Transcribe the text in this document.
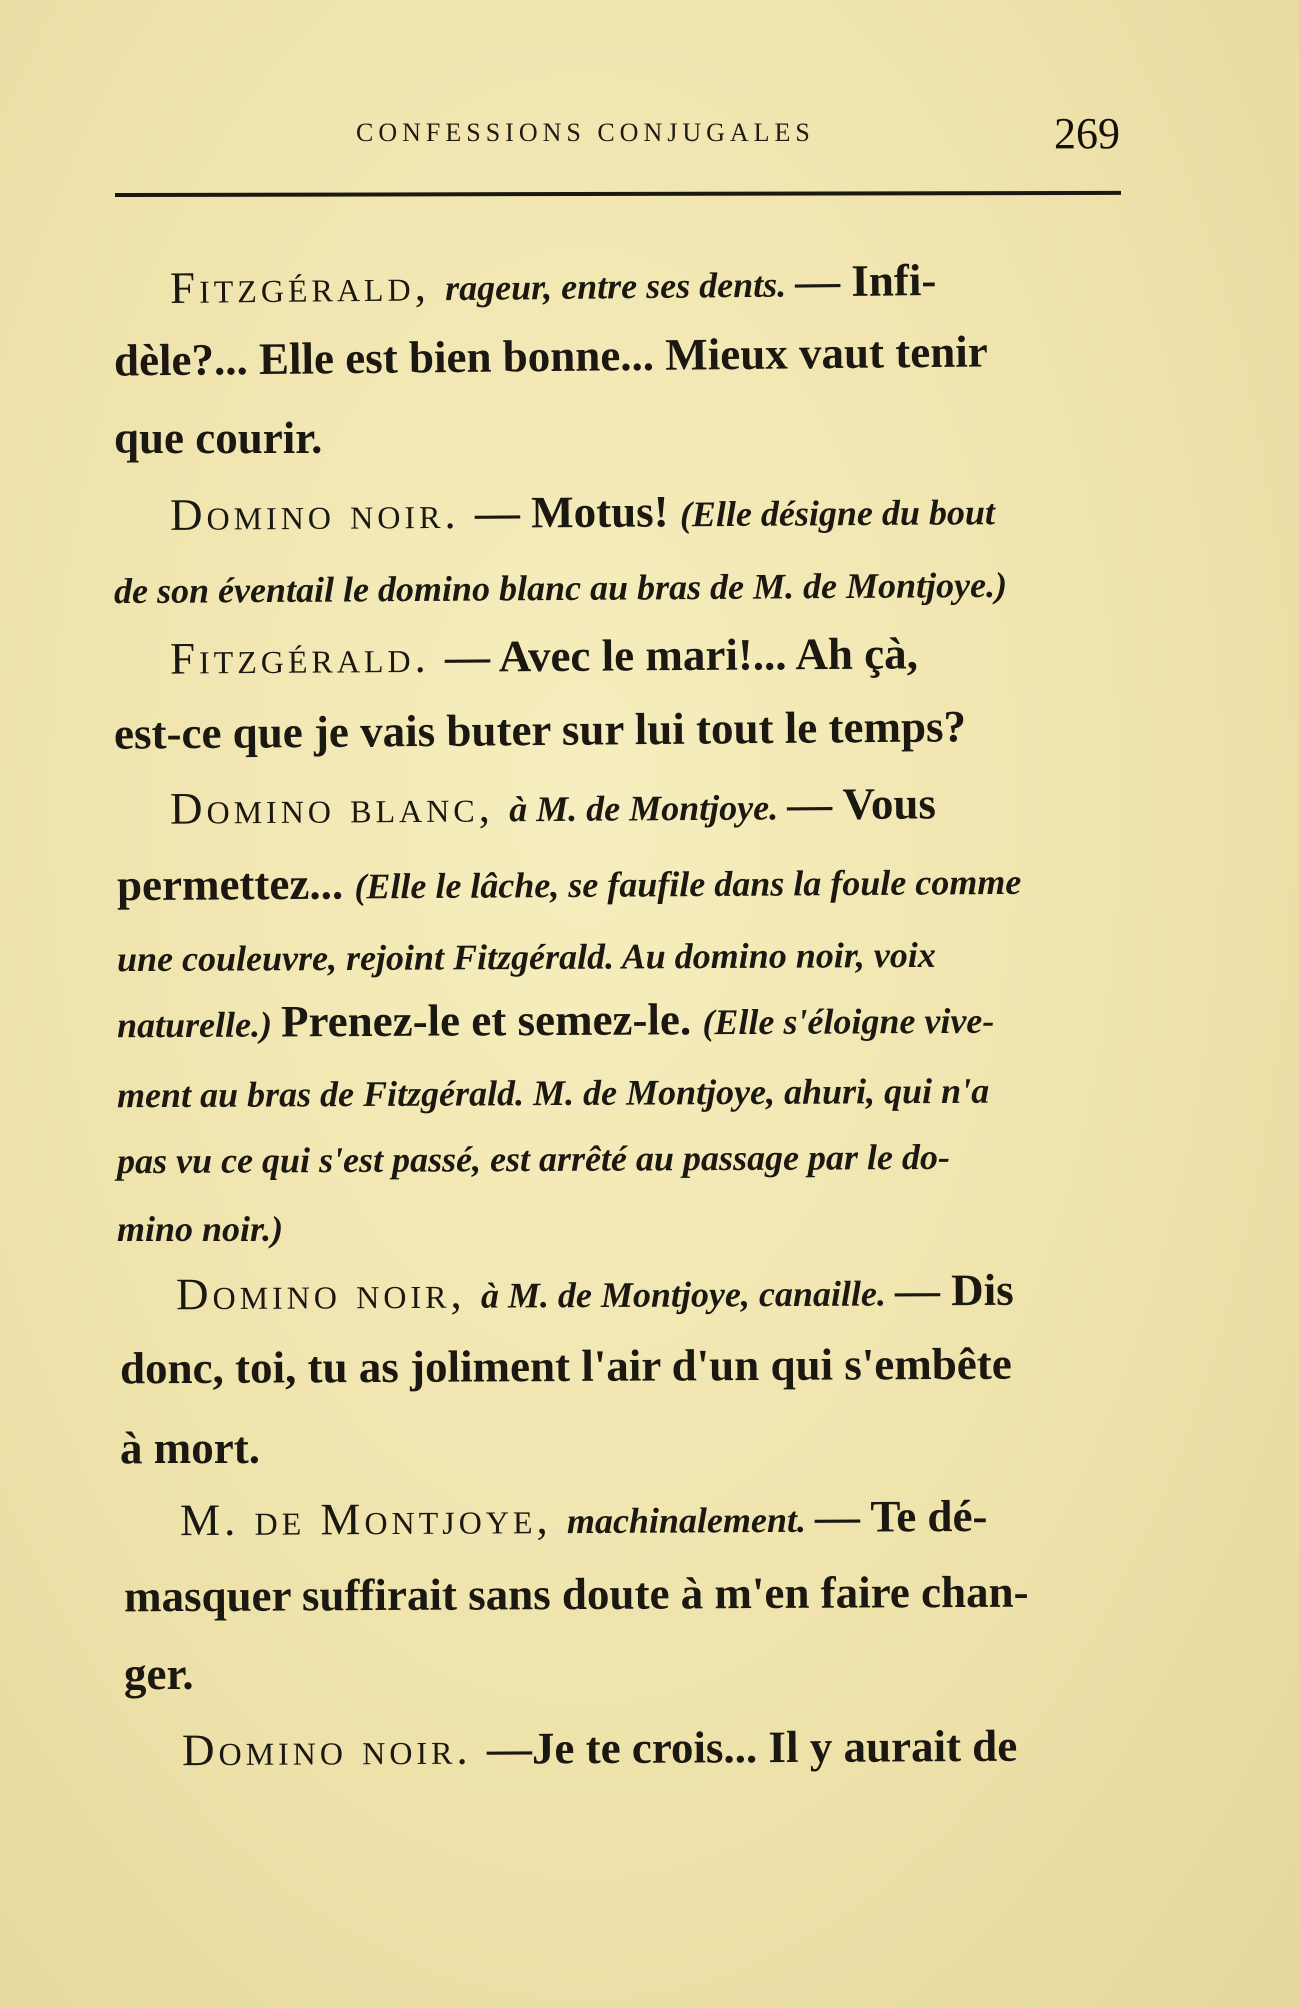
CONFESSIONS CONJUGALES	269
Fitzgérald, rageur, entre ses dents. — Infi-
dèle?... Elle est bien bonne... Mieux vaut tenir
que courir.
Domino noir. — Motus! (Elle désigne du bout
de son éventail le domino blanc au bras de M. de Montjoye.)
Fitzgérald. — Avec le mari!... Ah çà,
est-ce que je vais buter sur lui tout le temps?
Domino blanc, à M. de Montjoye. — Vous
permettez... (Elle le lâche, se faufile dans la foule comme
une couleuvre, rejoint Fitzgérald. Au domino noir, voix
naturelle.) Prenez-le et semez-le. (Elle s'éloigne vive-
ment au bras de Fitzgérald. M. de Montjoye, ahuri, qui n'a
pas vu ce qui s'est passé, est arrêté au passage par le do-
mino noir.)
Domino noir, à M. de Montjoye, canaille. — Dis
donc, toi, tu as joliment l'air d'un qui s'embête
à mort.
M. de Montjoye, machinalement. — Te dé-
masquer suffirait sans doute à m'en faire chan-
ger.
Domino noir. —Je te crois... Il y aurait de
